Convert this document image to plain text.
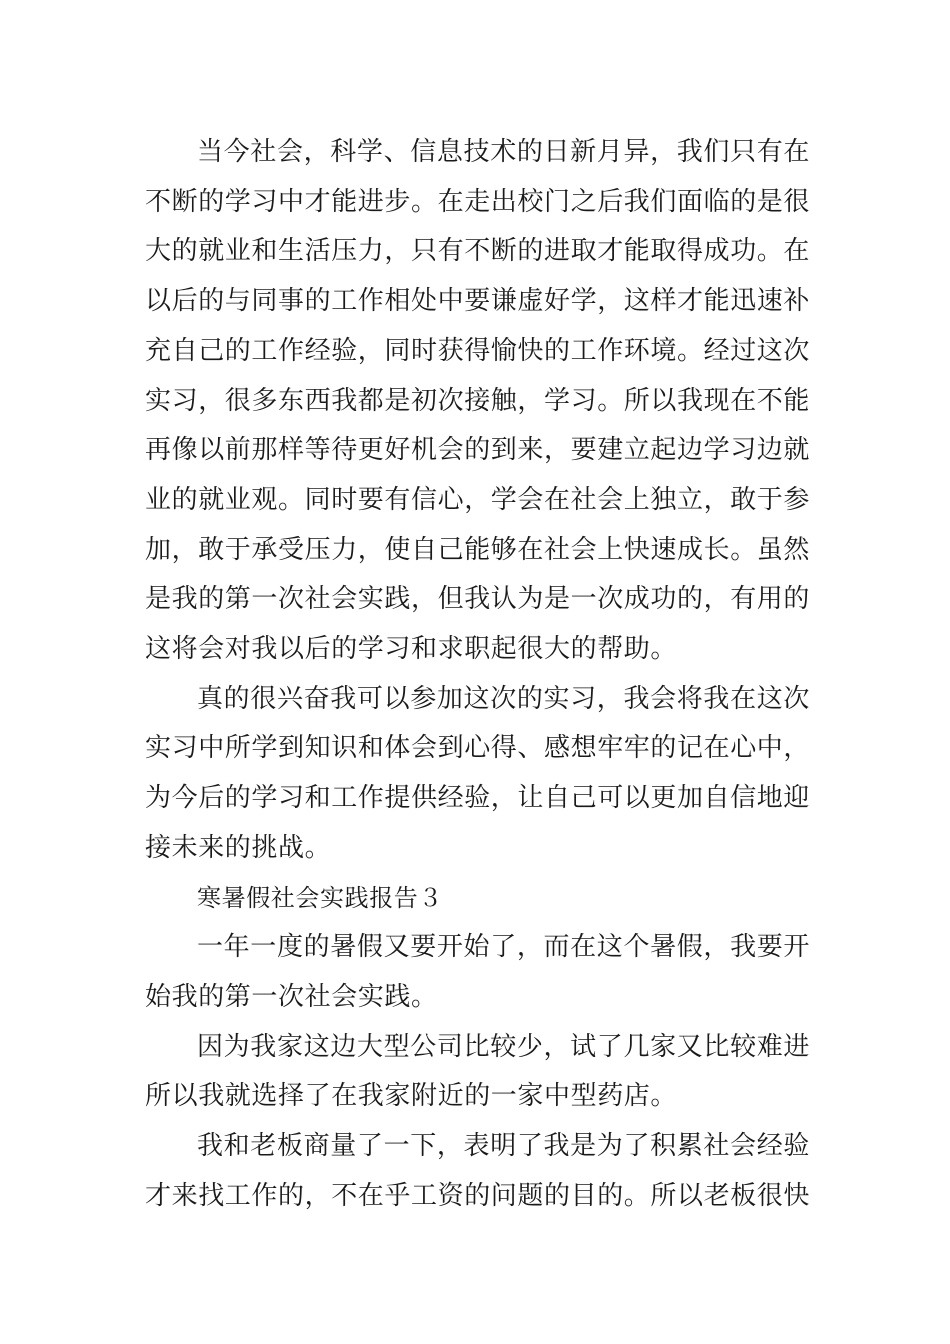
当今社会，科学、信息技术的日新月异，我们只有在不断的学习中才能进步。在走出校门之后我们面临的是很大的就业和生活压力，只有不断的进取才能取得成功。在以后的与同事的工作相处中要谦虚好学，这样才能迅速补充自己的工作经验，同时获得愉快的工作环境。经过这次实习，很多东西我都是初次接触，学习。所以我现在不能再像以前那样等待更好机会的到来，要建立起边学习边就业的就业观。同时要有信心，学会在社会上独立，敢于参加，敢于承受压力，使自己能够在社会上快速成长。虽然是我的第一次社会实践，但我认为是一次成功的，有用的这将会对我以后的学习和求职起很大的帮助。

真的很兴奋我可以参加这次的实习，我会将我在这次实习中所学到知识和体会到心得、感想牢牢的记在心中，为今后的学习和工作提供经验，让自己可以更加自信地迎接未来的挑战。

寒暑假社会实践报告３

一年一度的暑假又要开始了，而在这个暑假，我要开始我的第一次社会实践。

因为我家这边大型公司比较少，试了几家又比较难进所以我就选择了在我家附近的一家中型药店。

我和老板商量了一下，表明了我是为了积累社会经验才来找工作的，不在乎工资的问题的目的。所以老板很快
